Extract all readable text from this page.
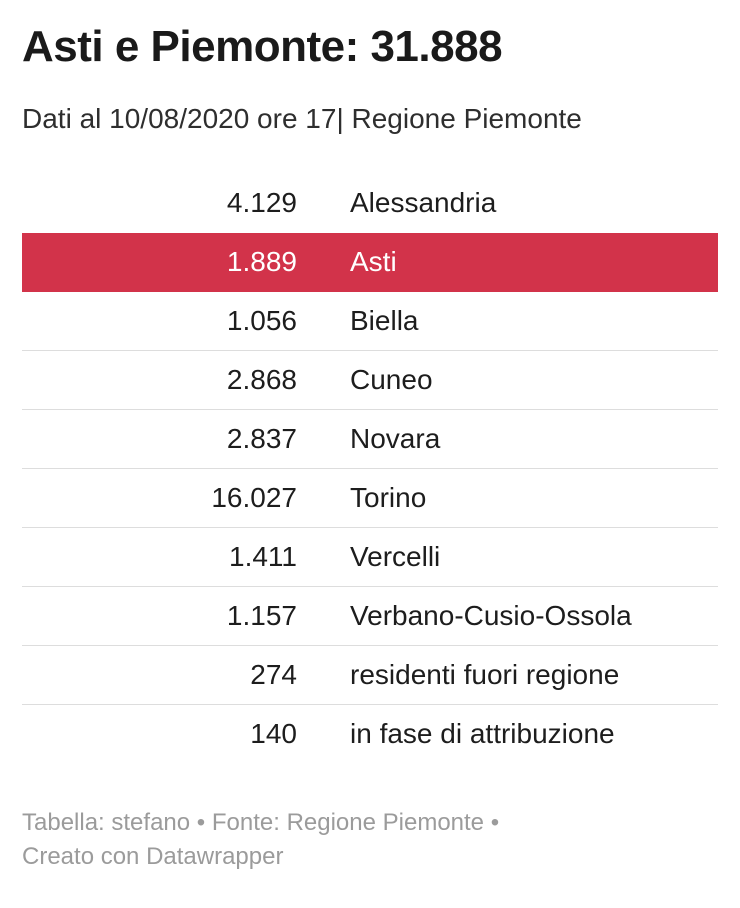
Asti e Piemonte: 31.888

Dati al 10/08/2020 ore 17| Regione Piemonte

4.129 Alessandria
1.889 Asti
1.056 Biella
2.868 Cuneo
2.837 Novara
16.027 Torino
1.411 Vercelli
1.157 Verbano-Cusio-Ossola
274 residenti fuori regione
140 in fase di attribuzione

Tabella: stefano • Fonte: Regione Piemonte •
Creato con Datawrapper
